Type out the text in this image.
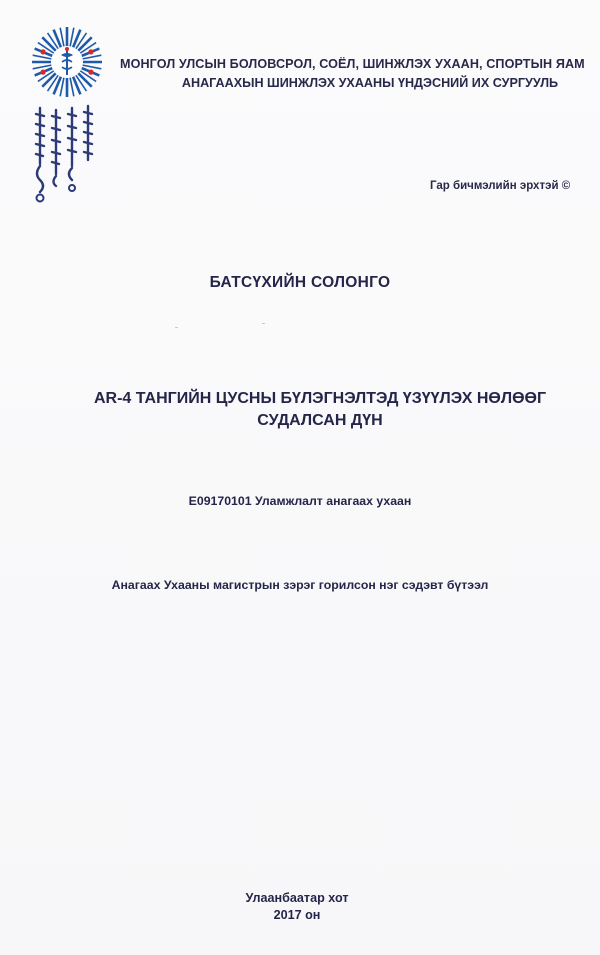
МОНГОЛ УЛСЫН БОЛОВСРОЛ, СОЁЛ, ШИНЖЛЭХ УХААН, СПОРТЫН ЯАМ
АНАГААХЫН ШИНЖЛЭХ УХААНЫ ҮНДЭСНИЙ ИХ СУРГУУЛЬ
Гар бичмэлийн эрхтэй ©
БАТСҮХИЙН СОЛОНГО
AR-4 ТАНГИЙН ЦУСНЫ БҮЛЭГНЭЛТЭД ҮЗҮҮЛЭХ НӨЛӨӨГ
СУДАЛСАН ДҮН
E09170101 Уламжлалт анагаах ухаан
Анагаах Ухааны магистрын зэрэг горилсон нэг сэдэвт бүтээл
Улаанбаатар хот
2017 он
